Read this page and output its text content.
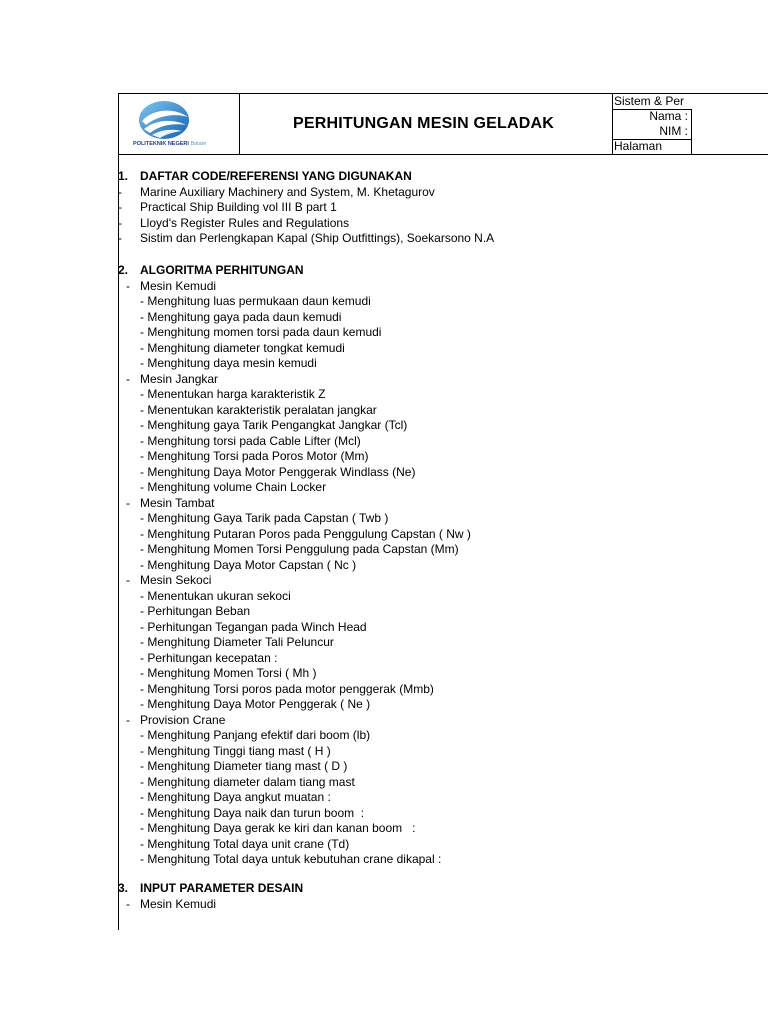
POLITEKNIK NEGERI Batam
PERHITUNGAN MESIN GELADAK
Sistem & Per
Nama :
NIM :
Halaman
1. DAFTAR CODE/REFERENSI YANG DIGUNAKAN
- Marine Auxiliary Machinery and System, M. Khetagurov
- Practical Ship Building vol III B part 1
- Lloyd's Register Rules and Regulations
- Sistim dan Perlengkapan Kapal (Ship Outfittings), Soekarsono N.A
2. ALGORITMA PERHITUNGAN
- Mesin Kemudi
- Menghitung luas permukaan daun kemudi
- Menghitung gaya pada daun kemudi
- Menghitung momen torsi pada daun kemudi
- Menghitung diameter tongkat kemudi
- Menghitung daya mesin kemudi
- Mesin Jangkar
- Menentukan harga karakteristik Z
- Menentukan karakteristik peralatan jangkar
- Menghitung gaya Tarik Pengangkat Jangkar (Tcl)
- Menghitung torsi pada Cable Lifter (Mcl)
- Menghitung Torsi pada Poros Motor (Mm)
- Menghitung Daya Motor Penggerak Windlass (Ne)
- Menghitung volume Chain Locker
- Mesin Tambat
- Menghitung Gaya Tarik pada Capstan ( Twb )
- Menghitung Putaran Poros pada Penggulung Capstan ( Nw )
- Menghitung Momen Torsi Penggulung pada Capstan (Mm)
- Menghitung Daya Motor Capstan ( Nc )
- Mesin Sekoci
- Menentukan ukuran sekoci
- Perhitungan Beban
- Perhitungan Tegangan pada Winch Head
- Menghitung Diameter Tali Peluncur
- Perhitungan kecepatan :
- Menghitung Momen Torsi ( Mh )
- Menghitung Torsi poros pada motor penggerak (Mmb)
- Menghitung Daya Motor Penggerak ( Ne )
- Provision Crane
- Menghitung Panjang efektif dari boom (lb)
- Menghitung Tinggi tiang mast ( H )
- Menghitung Diameter tiang mast ( D )
- Menghitung diameter dalam tiang mast
- Menghitung Daya angkut muatan :
- Menghitung Daya naik dan turun boom  :
- Menghitung Daya gerak ke kiri dan kanan boom   :
- Menghitung Total daya unit crane (Td)
- Menghitung Total daya untuk kebutuhan crane dikapal :
3. INPUT PARAMETER DESAIN
- Mesin Kemudi
